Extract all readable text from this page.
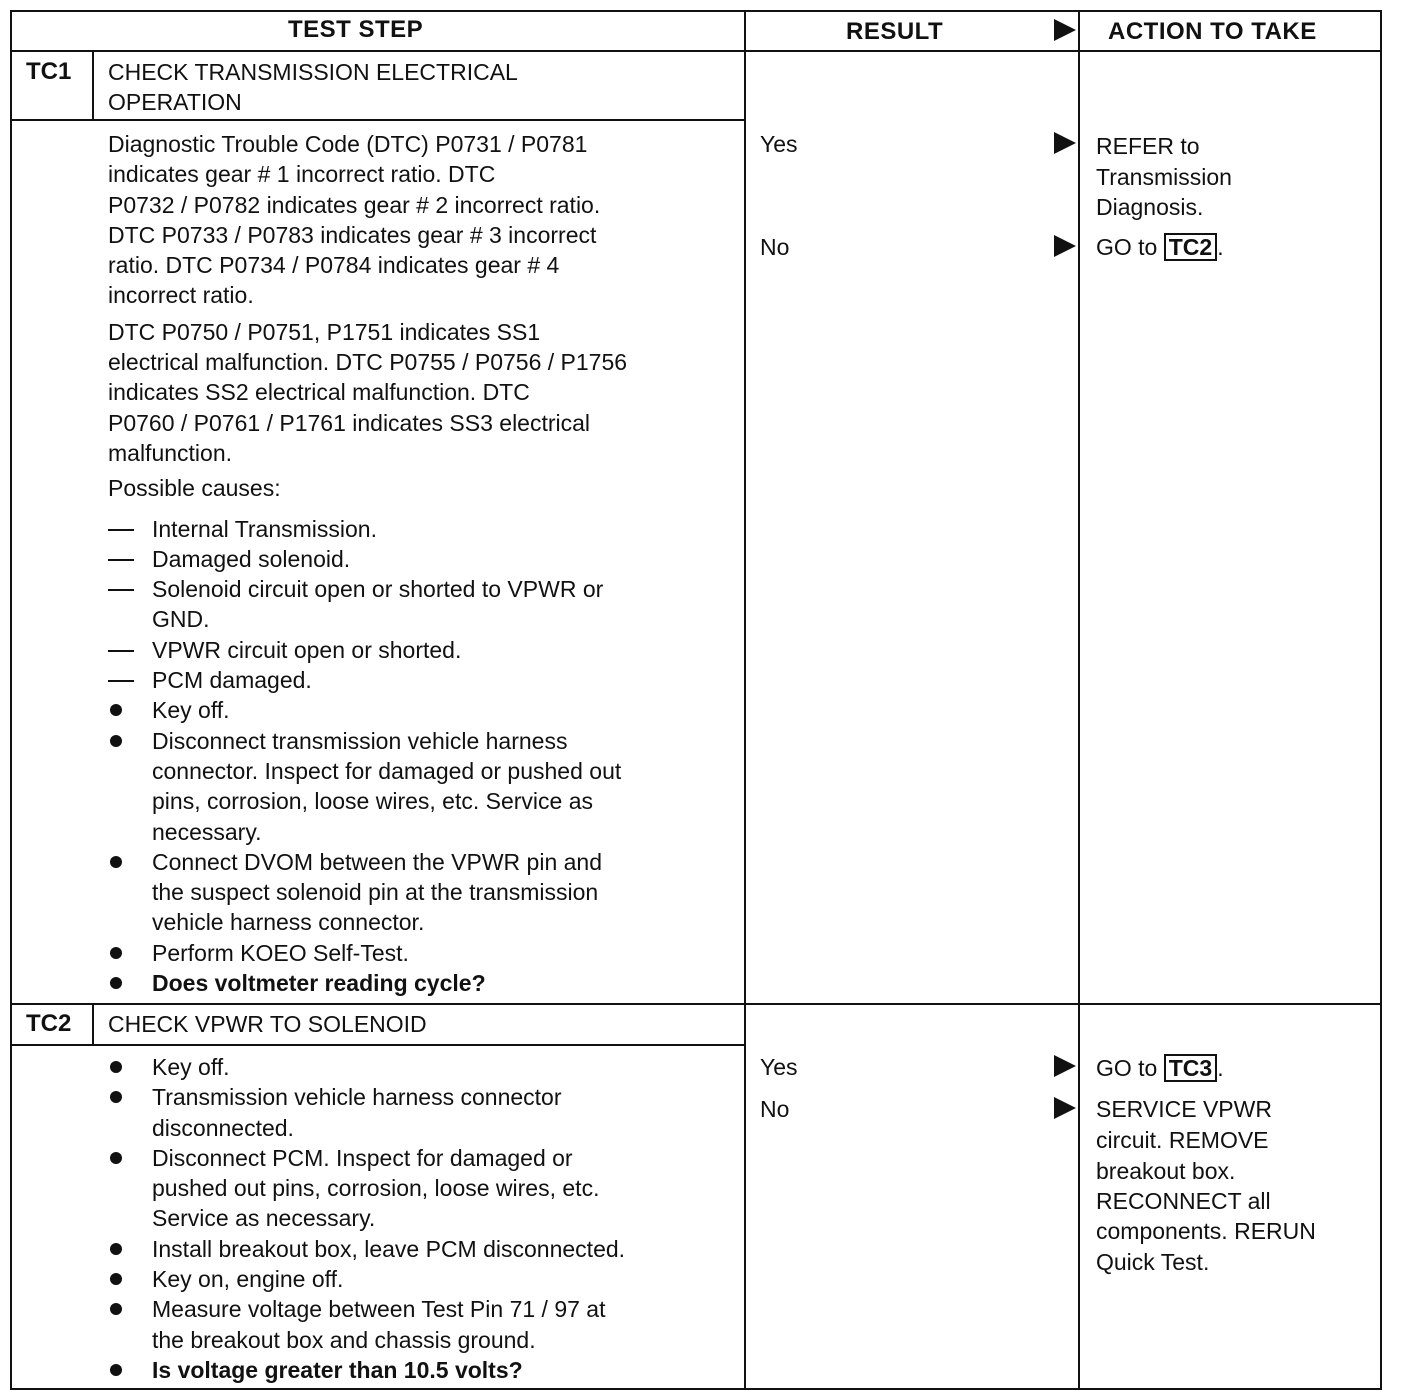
TEST STEP	RESULT	ACTION TO TAKE
TC1 CHECK TRANSMISSION ELECTRICAL
OPERATION
Diagnostic Trouble Code (DTC) P0731 / P0781
indicates gear # 1 incorrect ratio. DTC
P0732 / P0782 indicates gear # 2 incorrect ratio.
DTC P0733 / P0783 indicates gear # 3 incorrect
ratio. DTC P0734 / P0784 indicates gear # 4
incorrect ratio.
DTC P0750 / P0751, P1751 indicates SS1
electrical malfunction. DTC P0755 / P0756 / P1756
indicates SS2 electrical malfunction. DTC
P0760 / P0761 / P1761 indicates SS3 electrical
malfunction.
Possible causes:
Internal Transmission.
Damaged solenoid.
Solenoid circuit open or shorted to VPWR or
GND.
VPWR circuit open or shorted.
PCM damaged.
Key off.
Disconnect transmission vehicle harness
connector. Inspect for damaged or pushed out
pins, corrosion, loose wires, etc. Service as
necessary.
Connect DVOM between the VPWR pin and
the suspect solenoid pin at the transmission
vehicle harness connector.
Perform KOEO Self-Test.
Does voltmeter reading cycle?
Yes
No
REFER to
Transmission
Diagnosis.
GO to TC2 .
TC2 CHECK VPWR TO SOLENOID
Key off.
Transmission vehicle harness connector
disconnected.
Disconnect PCM. Inspect for damaged or
pushed out pins, corrosion, loose wires, etc.
Service as necessary.
Install breakout box, leave PCM disconnected.
Key on, engine off.
Measure voltage between Test Pin 71 / 97 at
the breakout box and chassis ground.
Is voltage greater than 10.5 volts?
Yes
No
GO to TC3 .
SERVICE VPWR
circuit. REMOVE
breakout box.
RECONNECT all
components. RERUN
Quick Test.
